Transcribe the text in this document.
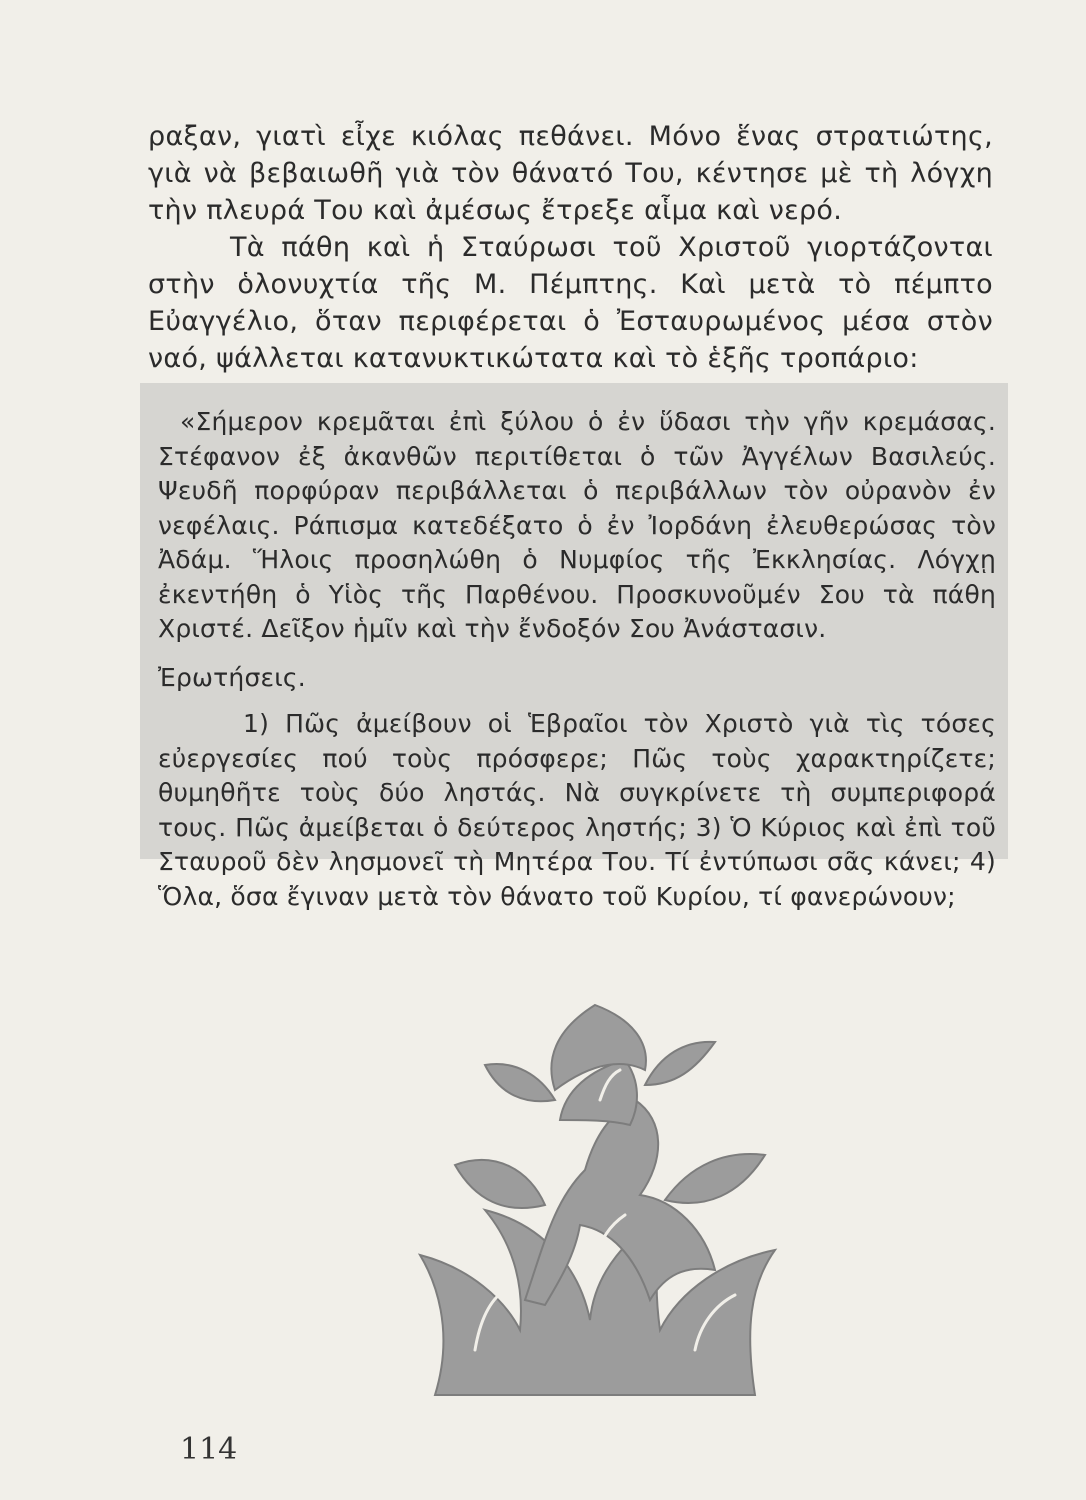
ραξαν, γιατὶ εἶχε κιόλας πεθάνει. Μόνο ἕνας στρατιώτης, γιὰ νὰ βεβαιωθῆ γιὰ τὸν θάνατό Του, κέντησε μὲ τὴ λόγχη τὴν πλευρά Του καὶ ἀμέσως ἔτρεξε αἷμα καὶ νερό.

Τὰ πάθη καὶ ἡ Σταύρωσι τοῦ Χριστοῦ γιορτάζονται στὴν ὁλονυχτία τῆς Μ. Πέμπτης. Καὶ μετὰ τὸ πέμπτο Εὐαγγέλιο, ὅταν περιφέρεται ὁ Ἐσταυρωμένος μέσα στὸν ναό, ψάλλεται κατανυκτικώτατα καὶ τὸ ἑξῆς τροπάριο:

«Σήμερον κρεμᾶται ἐπὶ ξύλου ὁ ἐν ὕδασι τὴν γῆν κρεμάσας. Στέφανον ἐξ ἀκανθῶν περιτίθεται ὁ τῶν Ἀγγέλων Βασιλεύς. Ψευδῆ πορφύραν περιβάλλεται ὁ περιβάλλων τὸν οὐρανὸν ἐν νεφέλαις. Ράπισμα κατεδέξατο ὁ ἐν Ἰορδάνη ἐλευθερώσας τὸν Ἀδάμ. Ἥλοις προσηλώθη ὁ Νυμφίος τῆς Ἐκκλησίας. Λόγχῃ ἐκεντήθη ὁ Υἱὸς τῆς Παρθένου. Προσκυνοῦμέν Σου τὰ πάθη Χριστέ. Δεῖξον ἡμῖν καὶ τὴν ἔνδοξόν Σου Ἀνάστασιν.

Ἐρωτήσεις.

1) Πῶς ἀμείβουν οἱ Ἑβραῖοι τὸν Χριστὸ γιὰ τὶς τόσες εὐεργεσίες πού τοὺς πρόσφερε; Πῶς τοὺς χαρακτηρίζετε; θυμηθῆτε τοὺς δύο ληστάς. Νὰ συγκρίνετε τὴ συμπεριφορά τους. Πῶς ἀμείβεται ὁ δεύτερος ληστής; 3) Ὁ Κύριος καὶ ἐπὶ τοῦ Σταυροῦ δὲν λησμονεῖ τὴ Μητέρα Του. Τί ἐντύπωσι σᾶς κάνει; 4) Ὅλα, ὅσα ἔγιναν μετὰ τὸν θάνατο τοῦ Κυρίου, τί φανερώνουν;

114
